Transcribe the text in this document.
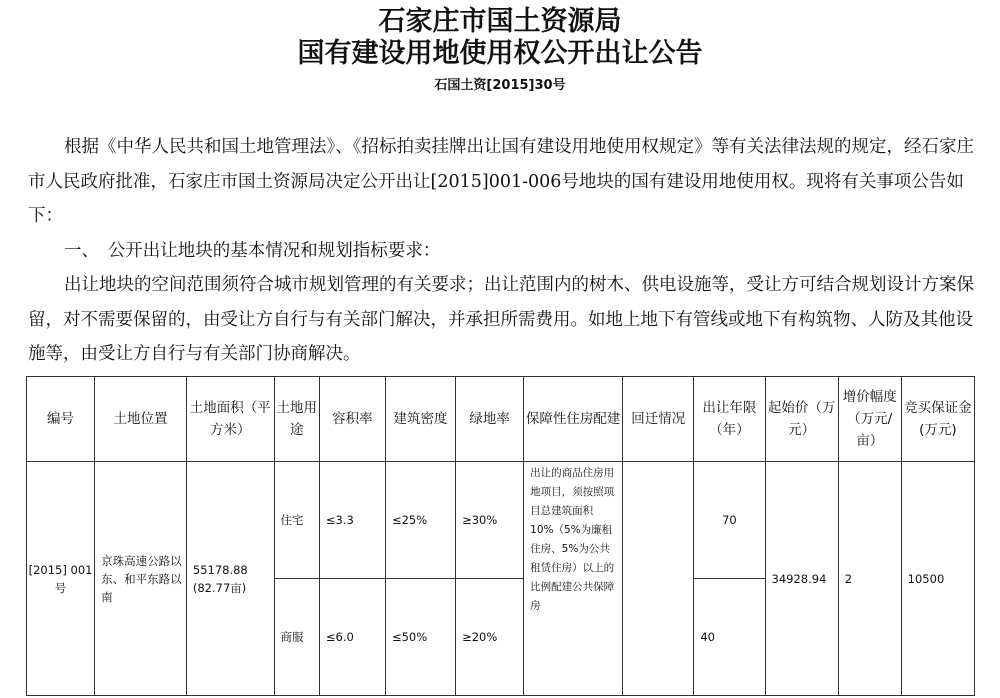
石家庄市国土资源局
国有建设用地使用权公开出让公告
石国土资[2015]30号

根据《中华人民共和国土地管理法》、《招标拍卖挂牌出让国有建设用地使用权规定》等有关法律法规的规定，经石家庄市人民政府批准，石家庄市国土资源局决定公开出让[2015]001-006号地块的国有建设用地使用权。现将有关事项公告如下：

一、　公开出让地块的基本情况和规划指标要求：

出让地块的空间范围须符合城市规划管理的有关要求；出让范围内的树木、供电设施等，受让方可结合规划设计方案保留，对不需要保留的，由受让方自行与有关部门解决，并承担所需费用。如地上地下有管线或地下有构筑物、人防及其他设施等，由受让方自行与有关部门协商解决。

编号	土地位置	土地面积（平方米）	土地用途	容积率	建筑密度	绿地率	保障性住房配建	回迁情况	出让年限（年）	起始价（万元）	增价幅度（万元/亩）	竞买保证金(万元)
[2015] 001号	京珠高速公路以东、和平东路以南	55178.88
(82.77亩)	住宅	≤3.3	≤25%	≥30%	出让的商品住房用地项目，须按照项目总建筑面积10%（5%为廉租住房、5%为公共租赁住房）以上的比例配建公共保障房		70	34928.94	2	10500
			商服	≤6.0	≤50%	≥20%			40			
